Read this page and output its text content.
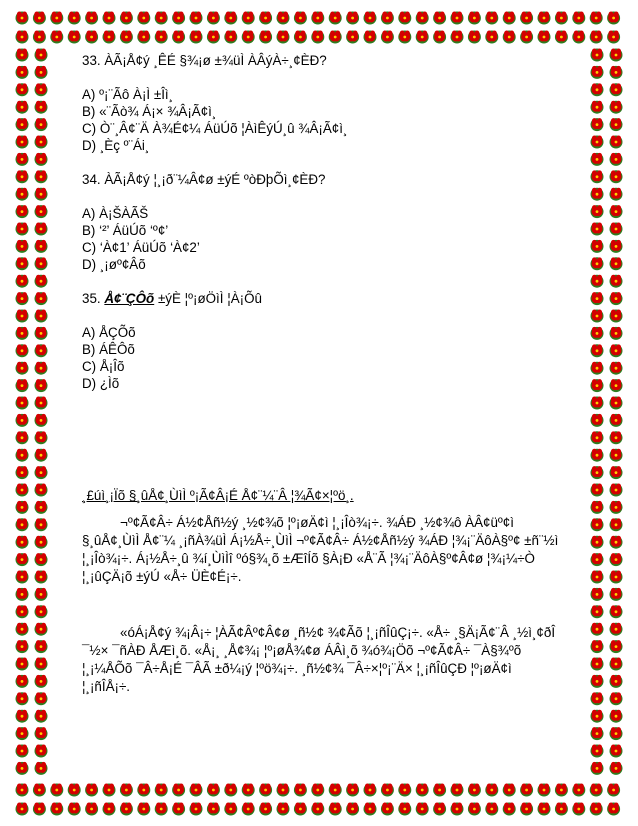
33. ÀÃ¡Å¢ý ¸ÊÉ §¾¡ø ±¾üÌ ÀÂýÀ÷¸¢ÈÐ?

A) º¡¨Ãô À¡Ì ±Îì¸
B) «¨Ãò¾ Á¡× ¾Â¡Ã¢ì¸
C) Ò¨¸Â¢¨Ä À¾É¢¼ ÁüÚõ ¦ÀìÊýÚ¸û ¾Â¡Ã¢ì¸
D) ¸Èç º¨Ái¸

34. ÀÃ¡Å¢ý ¦¸¡ð¨¼Â¢ø ±ýÉ ºòÐþÕì¸¢ÈÐ?

A) À¡ŠÀÃŠ
B) ‘²’ ÁüÚõ ‘º¢’
C) ‘À¢1’ ÁüÚõ ‘À¢2’
D) ¸¡øº¢Âõ

35. Å¢¨ÇÔõ ±ýÈ ¦º¡øÖìÌ ¦À¡Õû

A) ÅÇÕõ
B) ÁÊÔõ
C) Å¡Îõ
D) ¿Ìõ
¸£úì¸¡Ïõ §¸ûÅ¢¸ÙìÌ º¡Ã¢Â¡É Å¢¨¼¨Â ¦¾Ã¢×¦ºö¸.
¬º¢Ã¢Â÷ Á½¢Åñ½ý ¸½¢¾õ ¦º¡øÄ¢ì ¦¸¡Îò¾¡÷. ¾ÁÐ ¸½¢¾ô ÀÂ¢üº¢ì §¸ûÅ¢¸ÙìÌ Å¢¨¼ ¸¡ñÀ¾üÌ Á¡½Å÷¸ÙìÌ ¬º¢Ã¢Â÷ Á½¢Åñ½ý ¾ÁÐ ¦¾¡¨ÄôÀ§º¢ ±ñ¨½ì ¦¸¡Îò¾¡÷. Á¡½Å÷¸û ¾í¸ÙìÌî ºó§¾¸õ ±ÆîÍõ §À¡Ð «Å¨Ã ¦¾¡¨ÄôÀ§º¢Â¢ø ¦¾¡¼÷Ò ¦¸¡ûÇÄ¡õ ±ýÚ «Å÷ ÜÈ¢É¡÷.
«óÁ¡Å¢ý ¾¡Â¡÷ ¦ÀÃ¢Âº¢Â¢ø ¸ñ½¢ ¾¢Ãõ ¦¸¡ñÎûÇ¡÷. «Å÷ ¸§Ä¡Ã¢¨Â ¸½ì¸¢ðÎ ¯½× ¯ñÀÐ ÅÆì¸õ. «Å¡¸ ¸Å¢¾¡ ¦º¡øÅ¾¢ø ÁÂì¸õ ¾ó¾¡Öõ ¬º¢Ã¢Â÷ ¯À§¾ºõ ¦¸¡¼ÅÕõ ¯Â÷Å¡É ¯ÂÃ ±ð¼¡ý ¦ºö¾¡÷. ¸ñ½¢¾ ¯Â÷×¦º¡¨Ä× ¦¸¡ñÎûÇÐ ¦º¡øÄ¢ì ¦¸¡ñÎÅ¡÷.
